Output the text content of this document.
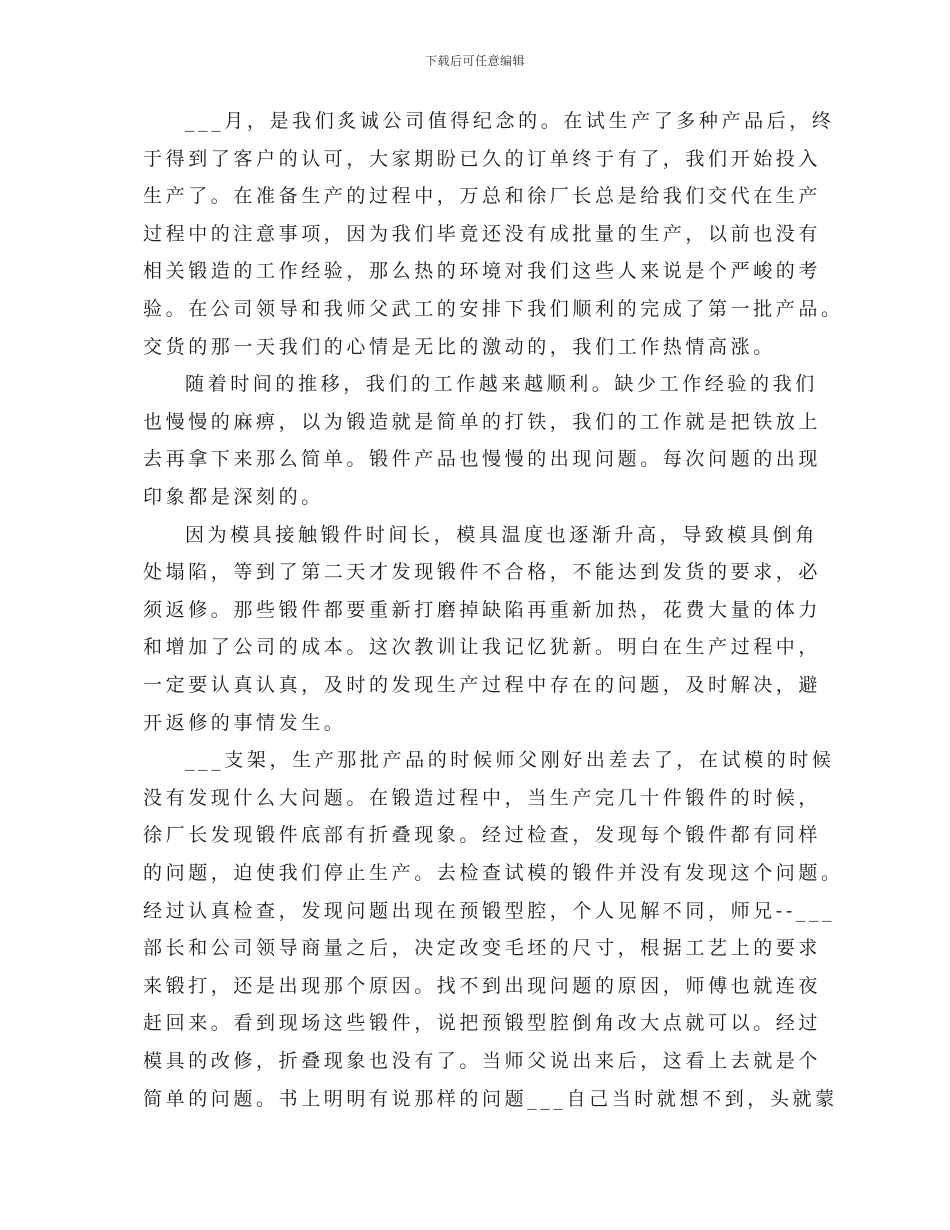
下载后可任意编辑
___月，是我们炙诚公司值得纪念的。在试生产了多种产品后，终
于得到了客户的认可，大家期盼已久的订单终于有了，我们开始投入
生产了。在准备生产的过程中，万总和徐厂长总是给我们交代在生产
过程中的注意事项，因为我们毕竟还没有成批量的生产，以前也没有
相关锻造的工作经验，那么热的环境对我们这些人来说是个严峻的考
验。在公司领导和我师父武工的安排下我们顺利的完成了第一批产品。
交货的那一天我们的心情是无比的激动的，我们工作热情高涨。
随着时间的推移，我们的工作越来越顺利。缺少工作经验的我们
也慢慢的麻痹，以为锻造就是简单的打铁，我们的工作就是把铁放上
去再拿下来那么简单。锻件产品也慢慢的出现问题。每次问题的出现
印象都是深刻的。
因为模具接触锻件时间长，模具温度也逐渐升高，导致模具倒角
处塌陷，等到了第二天才发现锻件不合格，不能达到发货的要求，必
须返修。那些锻件都要重新打磨掉缺陷再重新加热，花费大量的体力
和增加了公司的成本。这次教训让我记忆犹新。明白在生产过程中，
一定要认真认真，及时的发现生产过程中存在的问题，及时解决，避
开返修的事情发生。
___支架，生产那批产品的时候师父刚好出差去了，在试模的时候
没有发现什么大问题。在锻造过程中，当生产完几十件锻件的时候，
徐厂长发现锻件底部有折叠现象。经过检查，发现每个锻件都有同样
的问题，迫使我们停止生产。去检查试模的锻件并没有发现这个问题。
经过认真检查，发现问题出现在预锻型腔，个人见解不同，师兄--___
部长和公司领导商量之后，决定改变毛坯的尺寸，根据工艺上的要求
来锻打，还是出现那个原因。找不到出现问题的原因，师傅也就连夜
赶回来。看到现场这些锻件，说把预锻型腔倒角改大点就可以。经过
模具的改修，折叠现象也没有了。当师父说出来后，这看上去就是个
简单的问题。书上明明有说那样的问题___自己当时就想不到，头就蒙
